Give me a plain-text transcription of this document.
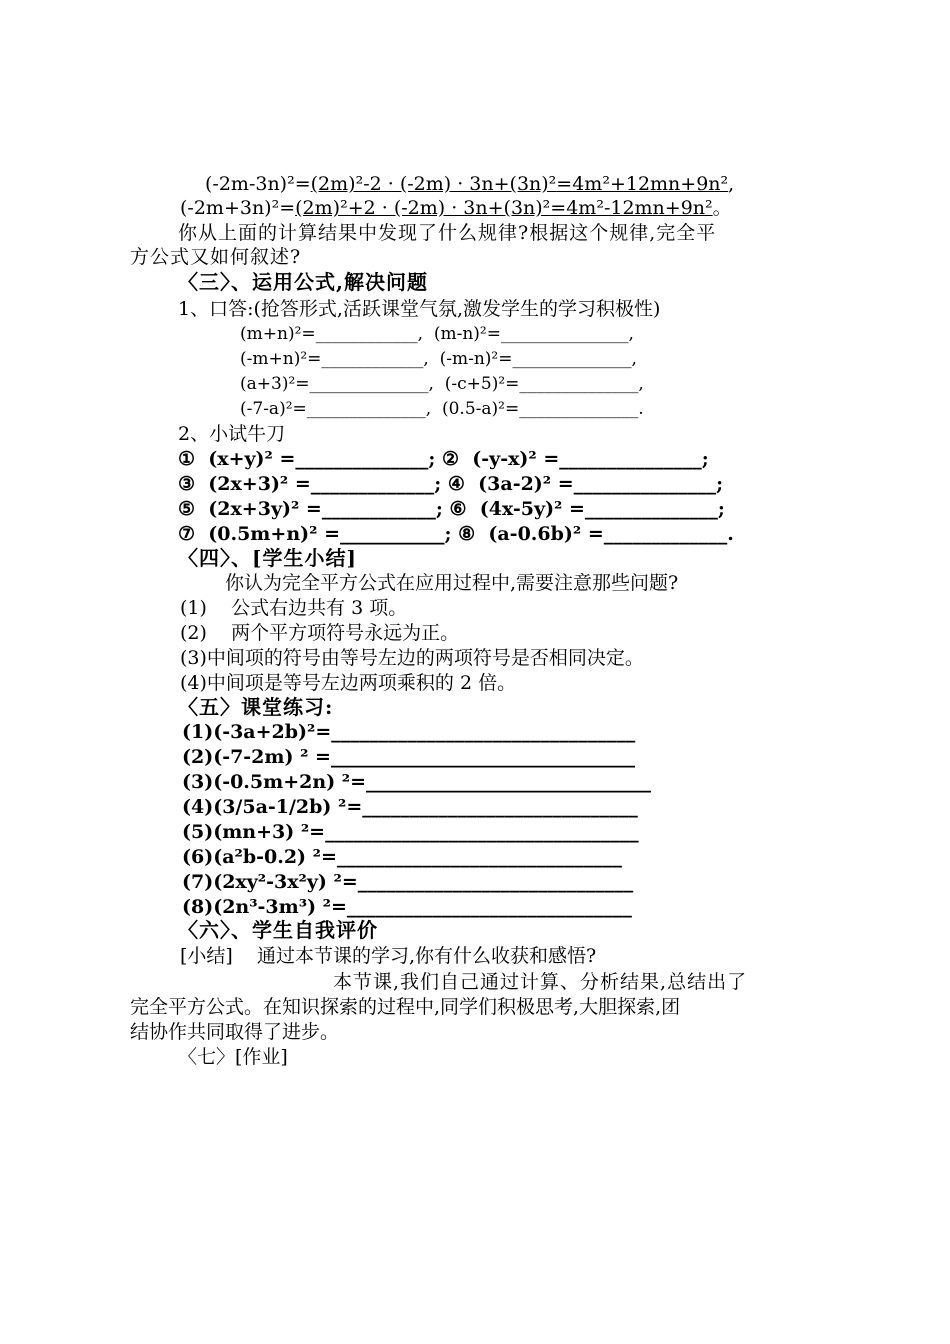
(-2m-3n)²=(2m)²-2 · (-2m) · 3n+(3n)²=4m²+12mn+9n²,
(-2m+3n)²=(2m)²+2 · (-2m) · 3n+(3n)²=4m²-12mn+9n²。
你从上面的计算结果中发现了什么规律?根据这个规律,完全平
方公式又如何叙述?
〈三〉、运用公式,解决问题
1、口答:(抢答形式,活跃课堂气氛,激发学生的学习积极性)
(m+n)²=____________,  (m-n)²=_______________,
(-m+n)²=____________,  (-m-n)²=______________,
(a+3)²=______________,  (-c+5)²=______________,
(-7-a)²=______________,  (0.5-a)²=______________.
2、小试牛刀
①  (x+y)² =______________; ②  (-y-x)² =_______________;
③  (2x+3)² =_____________; ④  (3a-2)² =_______________;
⑤  (2x+3y)² =____________; ⑥  (4x-5y)² =______________;
⑦  (0.5m+n)² =___________; ⑧  (a-0.6b)² =_____________.
〈四〉、[学生小结]
你认为完全平方公式在应用过程中,需要注意那些问题?
(1)    公式右边共有 3 项。
(2)    两个平方项符号永远为正。
(3)中间项的符号由等号左边的两项符号是否相同决定。
(4)中间项是等号左边两项乘积的 2 倍。
〈五〉课堂练习:
(1)(-3a+2b)²=________________________________
(2)(-7-2m) ² =________________________________
(3)(-0.5m+2n) ²=______________________________
(4)(3/5a-1/2b) ²=_____________________________
(5)(mn+3) ²=_________________________________
(6)(a²b-0.2) ²=______________________________
(7)(2xy²-3x²y) ²=_____________________________
(8)(2n³-3m³) ²=______________________________
〈六〉、学生自我评价
[小结]    通过本节课的学习,你有什么收获和感悟?
本节课,我们自己通过计算、分析结果,总结出了
完全平方公式。在知识探索的过程中,同学们积极思考,大胆探索,团
结协作共同取得了进步。
〈七〉[作业]
